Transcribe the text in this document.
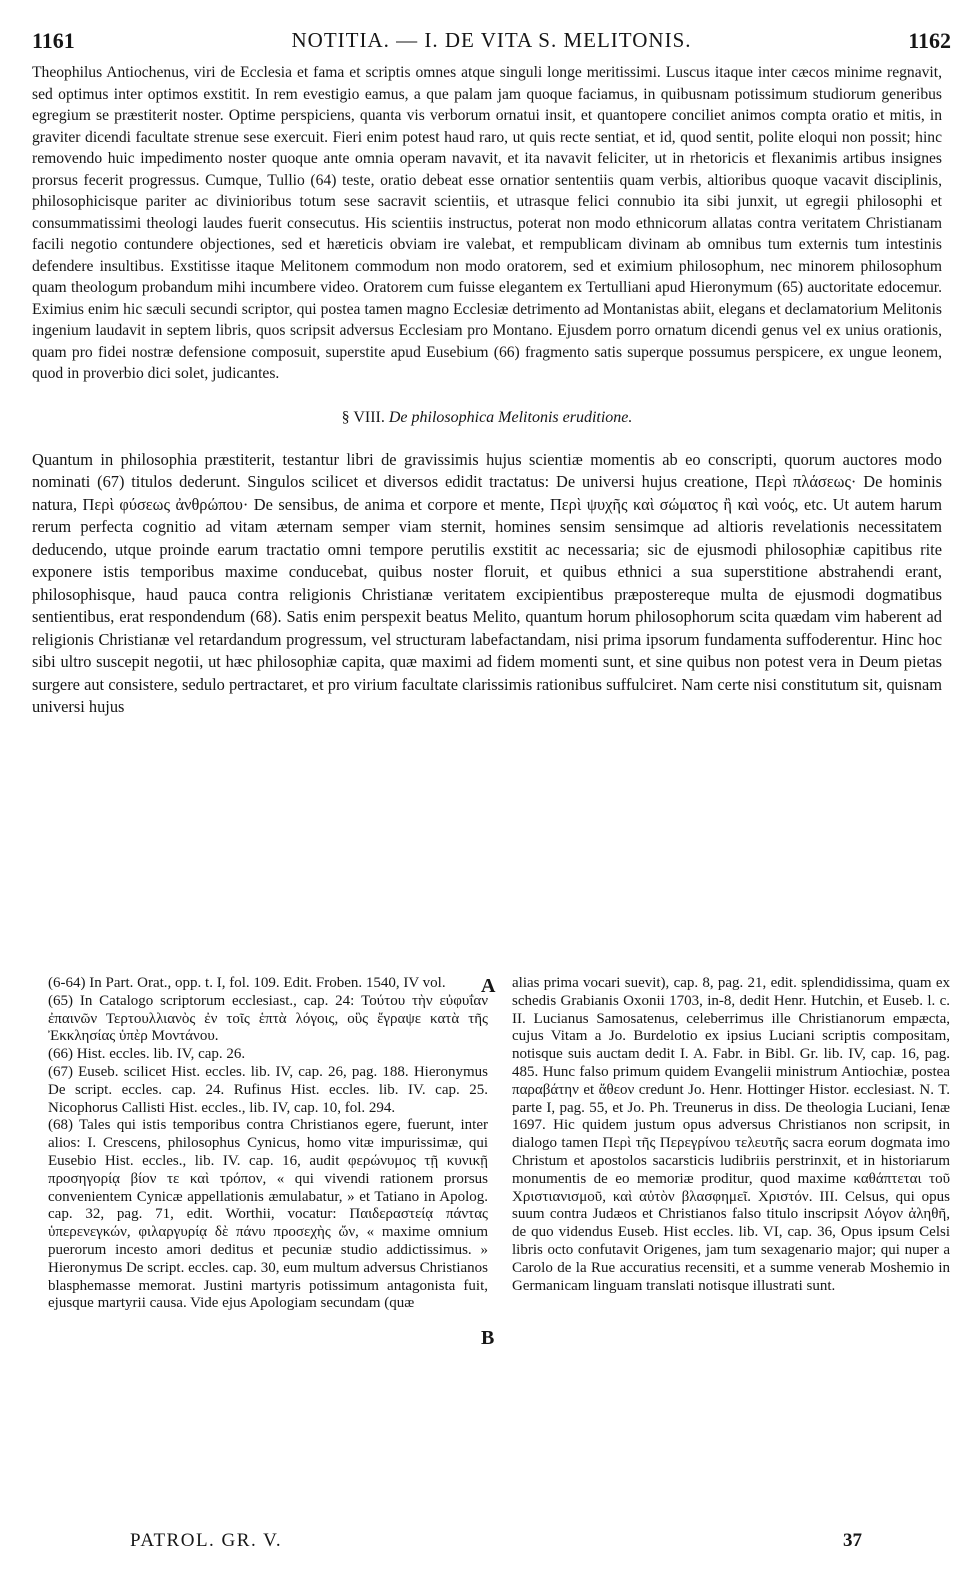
1161	NOTITIA. — I. DE VITA S. MELITONIS.	1162

Theophilus Antiochenus, viri de Ecclesia et fama et scriptis omnes atque singuli longe meritissimi. Luscus itaque inter cæcos minime regnavit, sed optimus inter optimos exstitit. In rem evestigio eamus, a que palam jam quoque faciamus, in quibusnam potissimum studiorum generibus egregium se præstiterit noster. Optime perspiciens, quanta vis verborum ornatui insit, et quantopere conciliet animos compta oratio et mitis, in graviter dicendi facultate strenue sese exercuit. Fieri enim potest haud raro, ut quis recte sentiat, et id, quod sentit, polite eloqui non possit; hinc removendo huic impedimento noster quoque ante omnia operam navavit, et ita navavit feliciter, ut in rhetoricis et flexanimis artibus insignes prorsus fecerit progressus. Cumque, Tullio (64) teste, oratio debeat esse ornatior sententiis quam verbis, altioribus quoque vacavit disciplinis, philosophicisque pariter ac divinioribus totum sese sacravit scientiis, et utrasque felici connubio ita sibi junxit, ut egregii philosophi et consummatissimi theologi laudes fuerit consecutus. His scientiis instructus, poterat non modo ethnicorum allatas contra veritatem Christianam facili negotio contundere objectiones, sed et hæreticis obviam ire valebat, et rempublicam divinam ab omnibus tum externis tum intestinis defendere insultibus. Exstitisse itaque Melitonem commodum non modo oratorem, sed et eximium philosophum, nec minorem philosophum quam theologum probandum mihi incumbere video. Oratorem cum fuisse elegantem ex Tertulliani apud Hieronymum (65) auctoritate edocemur. Eximius enim hic sæculi secundi scriptor, qui postea tamen magno Ecclesiæ detrimento ad Montanistas abiit, elegans et declamatorium Melitonis ingenium laudavit in septem libris, quos scripsit adversus Ecclesiam pro Montano. Ejusdem porro ornatum dicendi genus vel ex unius orationis, quam pro fidei nostræ defensione composuit, superstite apud Eusebium (66) fragmento satis superque possumus perspicere, ex ungue leonem, quod in proverbio dici solet, judicantes.

§ VIII. De philosophica Melitonis eruditione.

Quantum in philosophia præstiterit, testantur libri de gravissimis hujus scientiæ momentis ab eo conscripti, quorum auctores modo nominati (67) titulos dederunt. Singulos scilicet et diversos edidit tractatus: De universi hujus creatione, Περὶ πλάσεως· De hominis natura, Περὶ φύσεως ἀνθρώπου· De sensibus, de anima et corpore et mente, Περὶ ψυχῆς καὶ σώματος ἢ καὶ νοός, etc. Ut autem harum rerum perfecta cognitio ad vitam æternam semper viam sternit, homines sensim sensimque ad altioris revelationis necessitatem deducendo, utque proinde earum tractatio omni tempore perutilis exstitit ac necessaria; sic de ejusmodi philosophiæ capitibus rite exponere istis temporibus maxime conducebat, quibus noster floruit, et quibus ethnici a sua superstitione abstrahendi erant, philosophisque, haud pauca contra religionis Christianæ veritatem excipientibus præpostereque multa de ejusmodi dogmatibus sentientibus, erat respondendum (68). Satis enim perspexit beatus Melito, quantum horum philosophorum scita quædam vim haberent ad religionis Christianæ vel retardandum progressum, vel structuram labefactandam, nisi prima ipsorum fundamenta suffoderentur. Hinc hoc sibi ultro suscepit negotii, ut hæc philosophiæ capita, quæ maximi ad fidem momenti sunt, et sine quibus non potest vera in Deum pietas surgere aut consistere, sedulo pertractaret, et pro virium facultate clarissimis rationibus suffulciret. Nam certe nisi constitutum sit, quisnam universi hujus

(6-64) In Part. Orat., opp. t. I, fol. 109. Edit. Froben. 1540, IV vol.

(65) In Catalogo scriptorum ecclesiast., cap. 24: Τούτου τὴν εὐφυΐαν ἐπαινῶν Τερτουλλιανὸς ἐν τοῖς ἑπτὰ λόγοις, οὓς ἔγραψε κατὰ τῆς Ἐκκλησίας ὑπὲρ Μοντάνου.

(66) Hist. eccles. lib. IV, cap. 26.

(67) Euseb. scilicet Hist. eccles. lib. IV, cap. 26, pag. 188. Hieronymus De script. eccles. cap. 24. Rufinus Hist. eccles. lib. IV. cap. 25. Nicophorus Callisti Hist. eccles., lib. IV, cap. 10, fol. 294.

(68) Tales qui istis temporibus contra Christianos egere, fuerunt, inter alios: I. Crescens, philosophus Cynicus, homo vitæ impurissimæ, qui Eusebio Hist. eccles., lib. IV. cap. 16, audit φερώνυμος τῇ κυνικῇ προσηγορίᾳ βίον τε καὶ τρόπον, « qui vivendi rationem prorsus convenientem Cynicæ appellationis æmulabatur, » et Tatiano in Apolog. cap. 32, pag. 71, edit. Worthii, vocatur: Παιδεραστείᾳ πάντας ὑπερενεγκών, φιλαργυρίᾳ δὲ πάνυ προσεχὴς ὤν, « maxime omnium puerorum incesto amori deditus et pecuniæ studio addictissimus. » Hieronymus De script. eccles. cap. 30, eum multum adversus Christianos blasphemasse memorat. Justini martyris potissimum antagonista fuit, ejusque martyrii causa. Vide ejus Apologiam secundam (quæ

A
B

alias prima vocari suevit), cap. 8, pag. 21, edit. splendidissima, quam ex schedis Grabianis Oxonii 1703, in-8, dedit Henr. Hutchin, et Euseb. l. c. II. Lucianus Samosatenus, celeberrimus ille Christianorum empæcta, cujus Vitam a Jo. Burdelotio ex ipsius Luciani scriptis compositam, notisque suis auctam dedit I. A. Fabr. in Bibl. Gr. lib. IV, cap. 16, pag. 485. Hunc falso primum quidem Evangelii ministrum Antiochiæ, postea παραβάτην et ἄθεον credunt Jo. Henr. Hottinger Histor. ecclesiast. N. T. parte I, pag. 55, et Jo. Ph. Treunerus in diss. De theologia Luciani, Ienæ 1697. Hic quidem justum opus adversus Christianos non scripsit, in dialogo tamen Περὶ τῆς Περεγρίνου τελευτῆς sacra eorum dogmata imo Christum et apostolos sacarsticis ludibriis perstrinxit, et in historiarum monumentis de eo memoriæ proditur, quod maxime καθάπτεται τοῦ Χριστιανισμοῦ, καὶ αὐτὸν βλασφημεῖ. Χριστόν. III. Celsus, qui opus suum contra Judæos et Christianos falso titulo inscripsit Λόγον ἀληθῆ, de quo videndus Euseb. Hist eccles. lib. VI, cap. 36, Opus ipsum Celsi libris octo confutavit Origenes, jam tum sexagenario major; qui nuper a Carolo de la Rue accuratius recensiti, et a summe venerab Moshemio in Germanicam linguam translati notisque illustrati sunt.

PATROL. GR. V.	37
